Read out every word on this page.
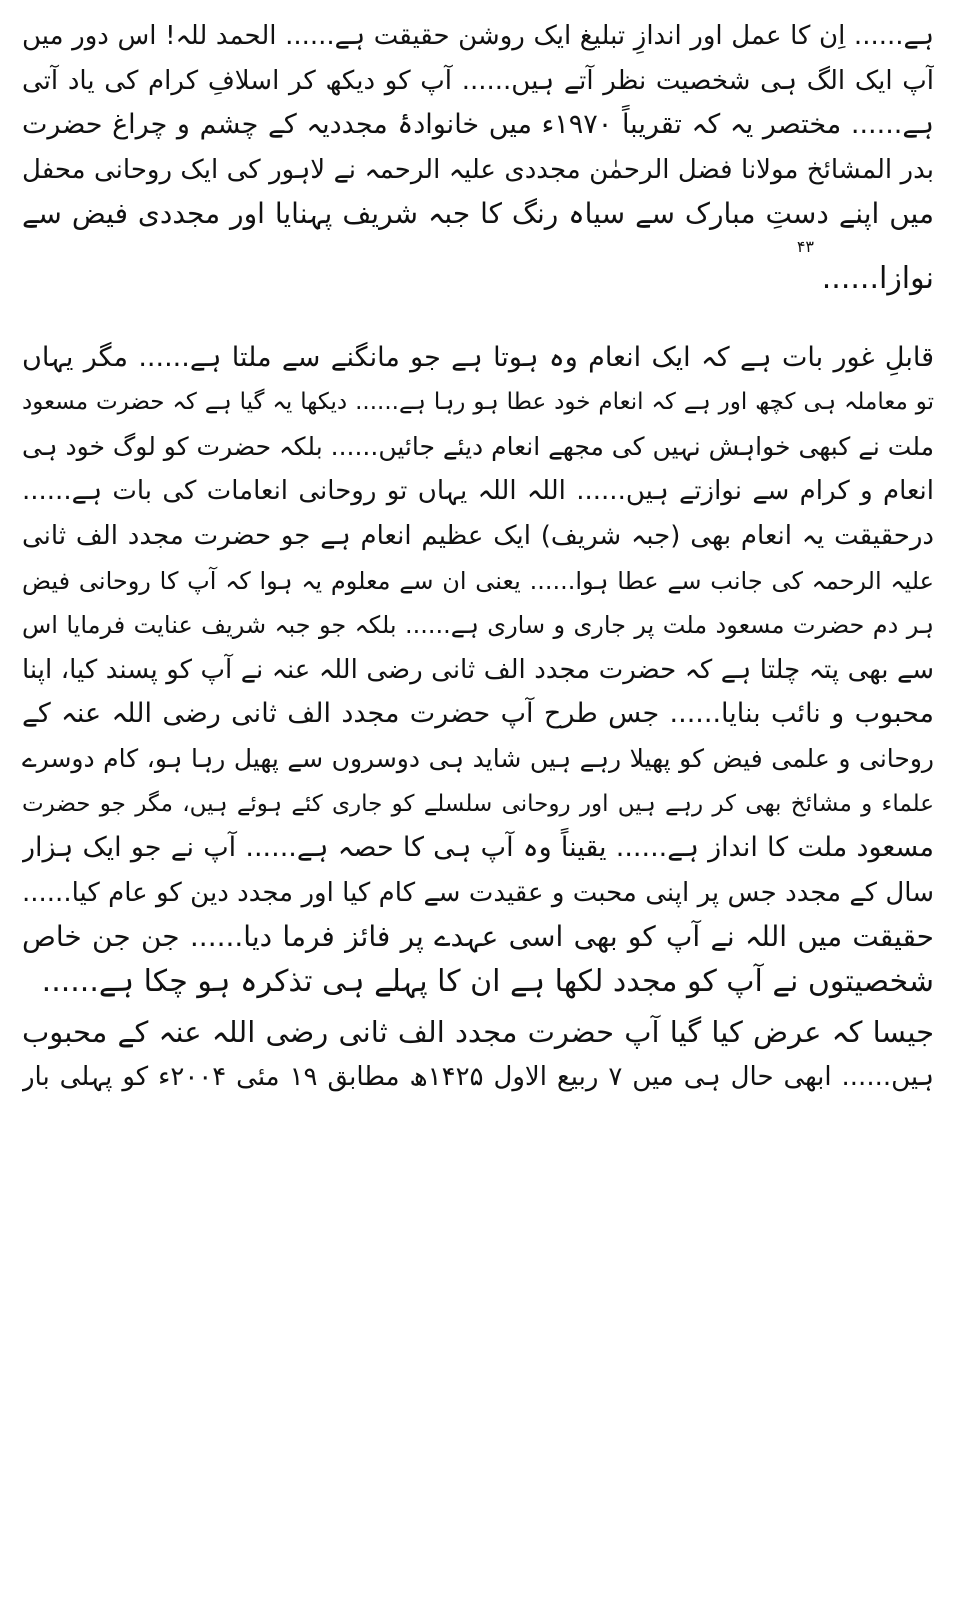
ہے...... اِن کا عمل اور اندازِ تبلیغ ایک روشن حقیقت ہے...... الحمد للہ! اس دور میں
آپ ایک الگ ہی شخصیت نظر آتے ہیں...... آپ کو دیکھ کر اسلافِ کرام کی یاد آتی
ہے...... مختصر یہ کہ تقریباً ۱۹۷۰ء میں خانوادۂ مجددیہ کے چشم و چراغ حضرت
بدر المشائخ مولانا فضل الرحمٰن مجددی علیہ الرحمہ نے لاہور کی ایک روحانی محفل
میں اپنے دستِ مبارک سے سیاہ رنگ کا جبہ شریف پہنایا اور مجددی فیض سے
۴۳
نوازا......
قابلِ غور بات ہے کہ ایک انعام وہ ہوتا ہے جو مانگنے سے ملتا ہے...... مگر یہاں
تو معاملہ ہی کچھ اور ہے کہ انعام خود عطا ہو رہا ہے...... دیکھا یہ گیا ہے کہ حضرت مسعود
ملت نے کبھی خواہش نہیں کی مجھے انعام دیئے جائیں...... بلکہ حضرت کو لوگ خود ہی
انعام و کرام سے نوازتے ہیں...... اللہ اللہ یہاں تو روحانی انعامات کی بات ہے......
درحقیقت یہ انعام بھی (جبہ شریف) ایک عظیم انعام ہے جو حضرت مجدد الف ثانی
علیہ الرحمہ کی جانب سے عطا ہوا...... یعنی ان سے معلوم یہ ہوا کہ آپ کا روحانی فیض
ہر دم حضرت مسعود ملت پر جاری و ساری ہے...... بلکہ جو جبہ شریف عنایت فرمایا اس
سے بھی پتہ چلتا ہے کہ حضرت مجدد الف ثانی رضی اللہ عنہ نے آپ کو پسند کیا، اپنا
محبوب و نائب بنایا...... جس طرح آپ حضرت مجدد الف ثانی رضی اللہ عنہ کے
روحانی و علمی فیض کو پھیلا رہے ہیں شاید ہی دوسروں سے پھیل رہا ہو، کام دوسرے
علماء و مشائخ بھی کر رہے ہیں اور روحانی سلسلے کو جاری کئے ہوئے ہیں، مگر جو حضرت
مسعود ملت کا انداز ہے...... یقیناً وہ آپ ہی کا حصہ ہے...... آپ نے جو ایک ہزار
سال کے مجدد جس پر اپنی محبت و عقیدت سے کام کیا اور مجدد دین کو عام کیا......
حقیقت میں اللہ نے آپ کو بھی اسی عہدے پر فائز فرما دیا...... جن جن خاص
شخصیتوں نے آپ کو مجدد لکھا ہے ان کا پہلے ہی تذکرہ ہو چکا ہے......
جیسا کہ عرض کیا گیا آپ حضرت مجدد الف ثانی رضی اللہ عنہ کے محبوب
ہیں...... ابھی حال ہی میں ۷ ربیع الاول ۱۴۲۵ھ مطابق ۱۹ مئی ۲۰۰۴ء کو پہلی بار
